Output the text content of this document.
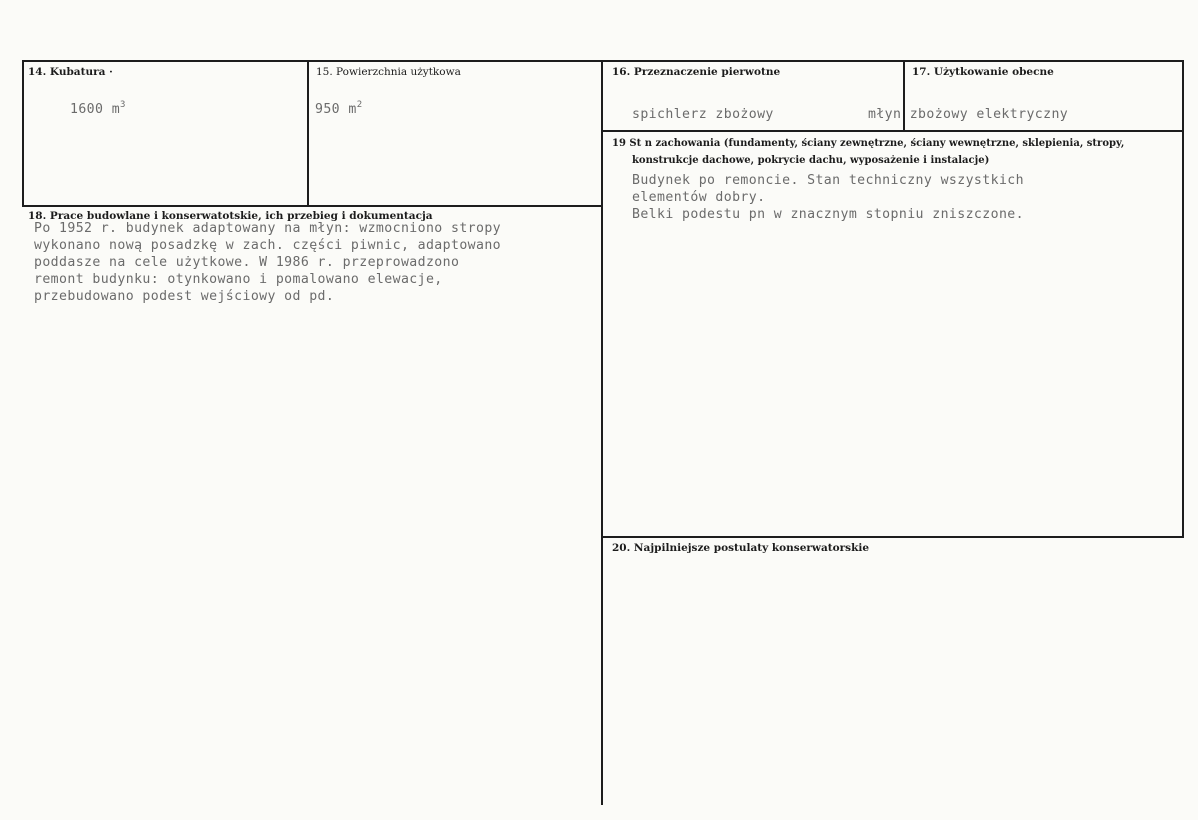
14. Kubatura ·
1600 $m^3$
15. Powierzchnia użytkowa
950 $m^2$
16. Przeznaczenie pierwotne
spichlerz zbożowy
17. Użytkowanie obecne
młyn zbożowy elektryczny
18. Prace budowlane i konserwatotskie, ich przebieg i dokumentacja
Po 1952 r. budynek adaptowany na młyn: wzmocniono stropy
wykonano nową posadzkę w zach. części piwnic, adaptowano
poddasze na cele użytkowe. W 1986 r. przeprowadzono
remont budynku: otynkowano i pomalowano elewacje,
przebudowano podest wejściowy od pd.
19 St n zachowania (fundamenty, ściany zewnętrzne, ściany wewnętrzne, sklepienia, stropy,
konstrukcje dachowe, pokrycie dachu, wyposażenie i instalacje)
Budynek po remoncie. Stan techniczny wszystkich
elementów dobry.
Belki podestu pn w znacznym stopniu zniszczone.
20. Najpilniejsze postulaty konserwatorskie
